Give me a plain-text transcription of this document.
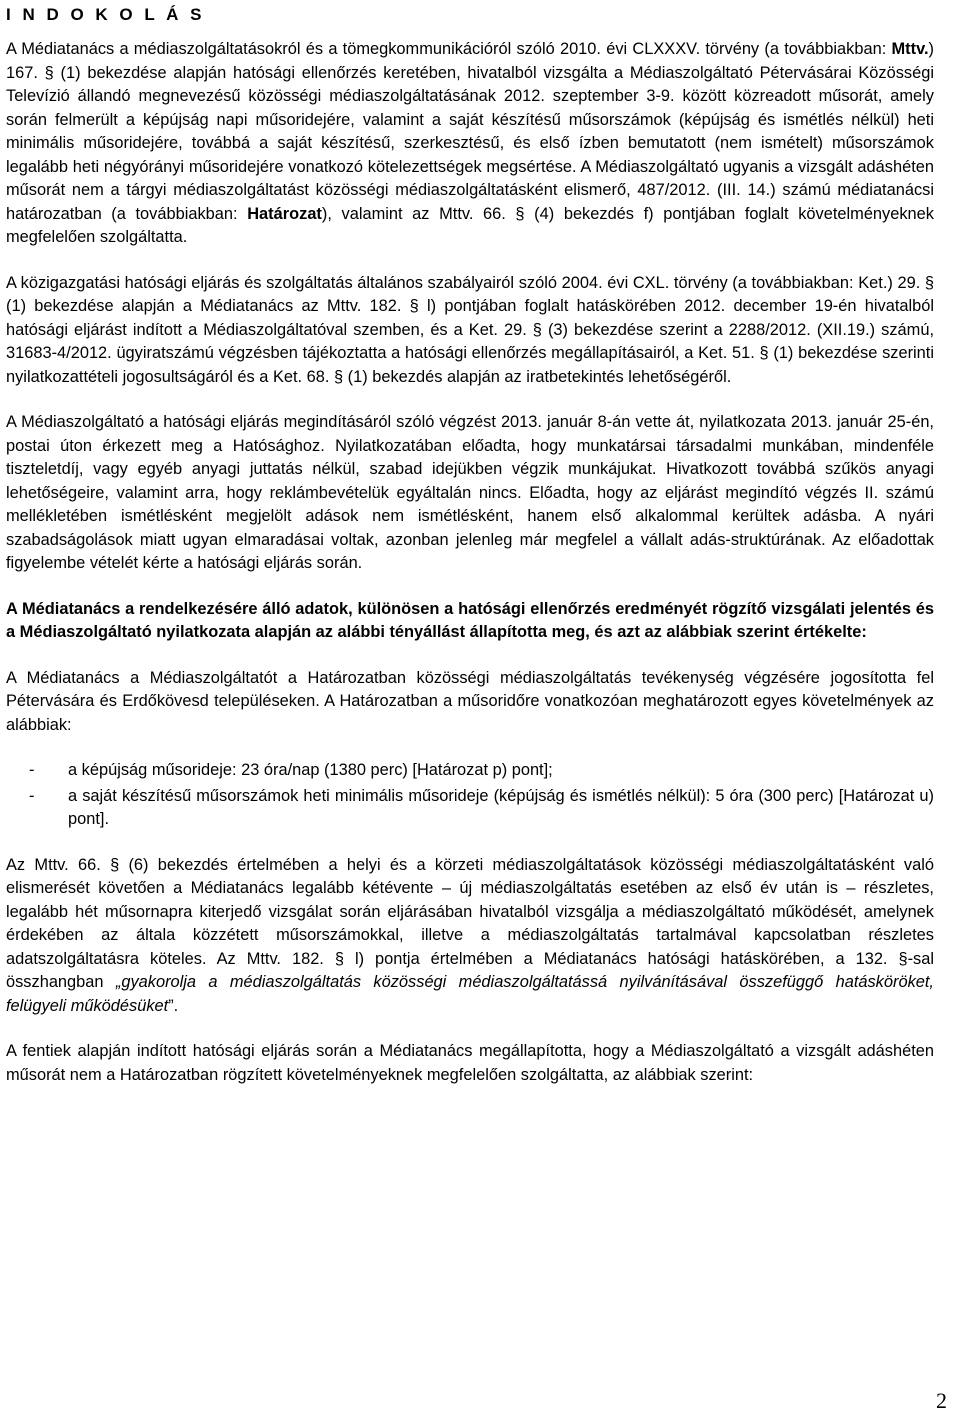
I N D O K O L Á S

A Médiatanács a médiaszolgáltatásokról és a tömegkommunikációról szóló 2010. évi CLXXXV. törvény (a továbbiakban: Mttv.) 167. § (1) bekezdése alapján hatósági ellenőrzés keretében, hivatalból vizsgálta a Médiaszolgáltató Pétervásárai Közösségi Televízió állandó megnevezésű közösségi médiaszolgáltatásának 2012. szeptember 3-9. között közreadott műsorát, amely során felmerült a képújság napi műsoridejére, valamint a saját készítésű műsorszámok (képújság és ismétlés nélkül) heti minimális műsoridejére, továbbá a saját készítésű, szerkesztésű, és első ízben bemutatott (nem ismételt) műsorszámok legalább heti négyórányi műsoridejére vonatkozó kötelezettségek megsértése. A Médiaszolgáltató ugyanis a vizsgált adáshéten műsorát nem a tárgyi médiaszolgáltatást közösségi médiaszolgáltatásként elismerő, 487/2012. (III. 14.) számú médiatanácsi határozatban (a továbbiakban: Határozat), valamint az Mttv. 66. § (4) bekezdés f) pontjában foglalt követelményeknek megfelelően szolgáltatta.

A közigazgatási hatósági eljárás és szolgáltatás általános szabályairól szóló 2004. évi CXL. törvény (a továbbiakban: Ket.) 29. § (1) bekezdése alapján a Médiatanács az Mttv. 182. § l) pontjában foglalt hatáskörében 2012. december 19-én hivatalból hatósági eljárást indított a Médiaszolgáltatóval szemben, és a Ket. 29. § (3) bekezdése szerint a 2288/2012. (XII.19.) számú, 31683-4/2012. ügyiratszámú végzésben tájékoztatta a hatósági ellenőrzés megállapításairól, a Ket. 51. § (1) bekezdése szerinti nyilatkozattételi jogosultságáról és a Ket. 68. § (1) bekezdés alapján az iratbetekintés lehetőségéről.

A Médiaszolgáltató a hatósági eljárás megindításáról szóló végzést 2013. január 8-án vette át, nyilatkozata 2013. január 25-én, postai úton érkezett meg a Hatósághoz. Nyilatkozatában előadta, hogy munkatársai társadalmi munkában, mindenféle tiszteletdíj, vagy egyéb anyagi juttatás nélkül, szabad idejükben végzik munkájukat. Hivatkozott továbbá szűkös anyagi lehetőségeire, valamint arra, hogy reklámbevételük egyáltalán nincs. Előadta, hogy az eljárást megindító végzés II. számú mellékletében ismétlésként megjelölt adások nem ismétlésként, hanem első alkalommal kerültek adásba. A nyári szabadságolások miatt ugyan elmaradásai voltak, azonban jelenleg már megfelel a vállalt adás-struktúrának. Az előadottak figyelembe vételét kérte a hatósági eljárás során.

A Médiatanács a rendelkezésére álló adatok, különösen a hatósági ellenőrzés eredményét rögzítő vizsgálati jelentés és a Médiaszolgáltató nyilatkozata alapján az alábbi tényállást állapította meg, és azt az alábbiak szerint értékelte:

A Médiatanács a Médiaszolgáltatót a Határozatban közösségi médiaszolgáltatás tevékenység végzésére jogosította fel Pétervására és Erdőkövesd településeken. A Határozatban a műsoridőre vonatkozóan meghatározott egyes követelmények az alábbiak:

- a képújság műsorideje: 23 óra/nap (1380 perc) [Határozat p) pont];
- a saját készítésű műsorszámok heti minimális műsorideje (képújság és ismétlés nélkül): 5 óra (300 perc) [Határozat u) pont].

Az Mttv. 66. § (6) bekezdés értelmében a helyi és a körzeti médiaszolgáltatások közösségi médiaszolgáltatásként való elismerését követően a Médiatanács legalább kétévente – új médiaszolgáltatás esetében az első év után is – részletes, legalább hét műsornapra kiterjedő vizsgálat során eljárásában hivatalból vizsgálja a médiaszolgáltató működését, amelynek érdekében az általa közzétett műsorszámokkal, illetve a médiaszolgáltatás tartalmával kapcsolatban részletes adatszolgáltatásra köteles. Az Mttv. 182. § l) pontja értelmében a Médiatanács hatósági hatáskörében, a 132. §-sal összhangban „gyakorolja a médiaszolgáltatás közösségi médiaszolgáltatássá nyilvánításával összefüggő hatásköröket, felügyeli működésüket”.

A fentiek alapján indított hatósági eljárás során a Médiatanács megállapította, hogy a Médiaszolgáltató a vizsgált adáshéten műsorát nem a Határozatban rögzített követelményeknek megfelelően szolgáltatta, az alábbiak szerint:

2
